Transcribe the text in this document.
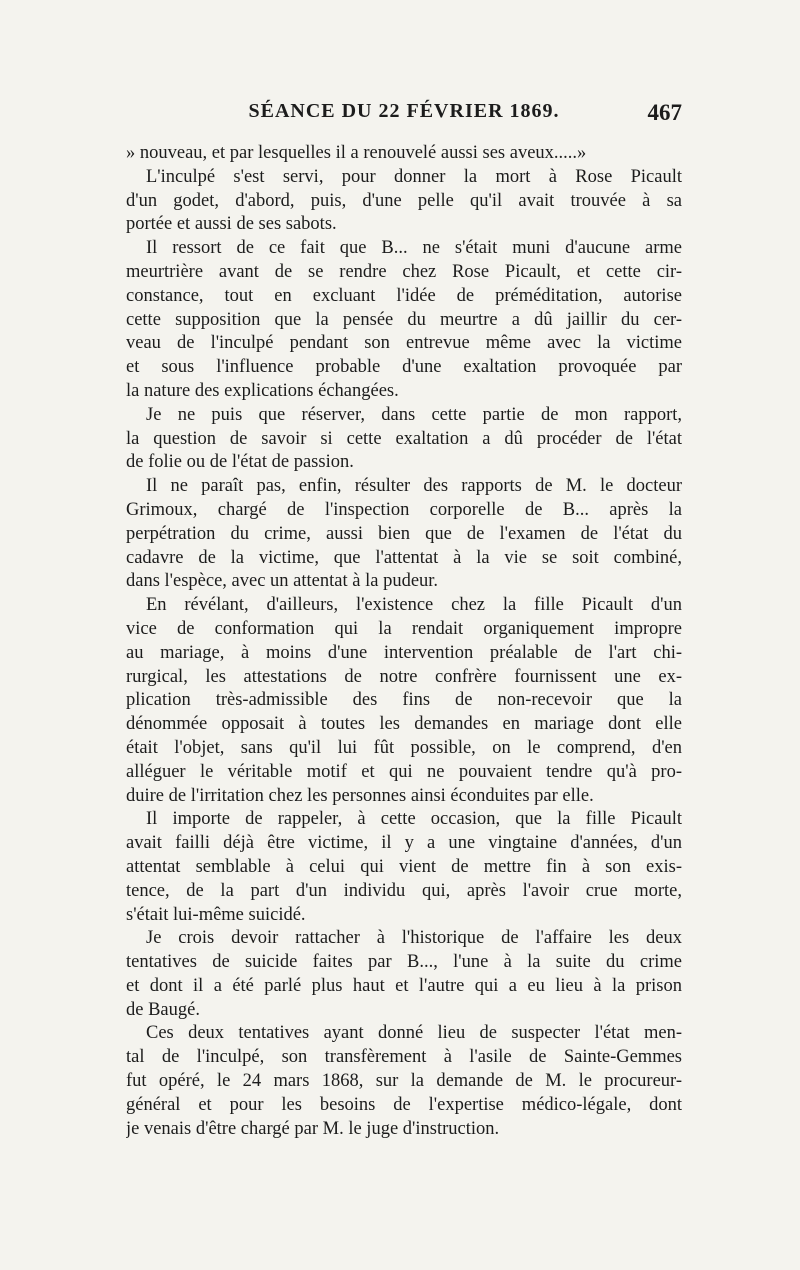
SÉANCE DU 22 FÉVRIER 1869.	467
» nouveau, et par lesquelles il a renouvelé aussi ses aveux.....»
L'inculpé s'est servi, pour donner la mort à Rose Picault
d'un godet, d'abord, puis, d'une pelle qu'il avait trouvée à sa
portée et aussi de ses sabots.
Il ressort de ce fait que B... ne s'était muni d'aucune arme
meurtrière avant de se rendre chez Rose Picault, et cette cir-
constance, tout en excluant l'idée de préméditation, autorise
cette supposition que la pensée du meurtre a dû jaillir du cer-
veau de l'inculpé pendant son entrevue même avec la victime
et sous l'influence probable d'une exaltation provoquée par
la nature des explications échangées.
Je ne puis que réserver, dans cette partie de mon rapport,
la question de savoir si cette exaltation a dû procéder de l'état
de folie ou de l'état de passion.
Il ne paraît pas, enfin, résulter des rapports de M. le docteur
Grimoux, chargé de l'inspection corporelle de B... après la
perpétration du crime, aussi bien que de l'examen de l'état du
cadavre de la victime, que l'attentat à la vie se soit combiné,
dans l'espèce, avec un attentat à la pudeur.
En révélant, d'ailleurs, l'existence chez la fille Picault d'un
vice de conformation qui la rendait organiquement impropre
au mariage, à moins d'une intervention préalable de l'art chi-
rurgical, les attestations de notre confrère fournissent une ex-
plication très-admissible des fins de non-recevoir que la
dénommée opposait à toutes les demandes en mariage dont elle
était l'objet, sans qu'il lui fût possible, on le comprend, d'en
alléguer le véritable motif et qui ne pouvaient tendre qu'à pro-
duire de l'irritation chez les personnes ainsi éconduites par elle.
Il importe de rappeler, à cette occasion, que la fille Picault
avait failli déjà être victime, il y a une vingtaine d'années, d'un
attentat semblable à celui qui vient de mettre fin à son exis-
tence, de la part d'un individu qui, après l'avoir crue morte,
s'était lui-même suicidé.
Je crois devoir rattacher à l'historique de l'affaire les deux
tentatives de suicide faites par B..., l'une à la suite du crime
et dont il a été parlé plus haut et l'autre qui a eu lieu à la prison
de Baugé.
Ces deux tentatives ayant donné lieu de suspecter l'état men-
tal de l'inculpé, son transfèrement à l'asile de Sainte-Gemmes
fut opéré, le 24 mars 1868, sur la demande de M. le procureur-
général et pour les besoins de l'expertise médico-légale, dont
je venais d'être chargé par M. le juge d'instruction.
